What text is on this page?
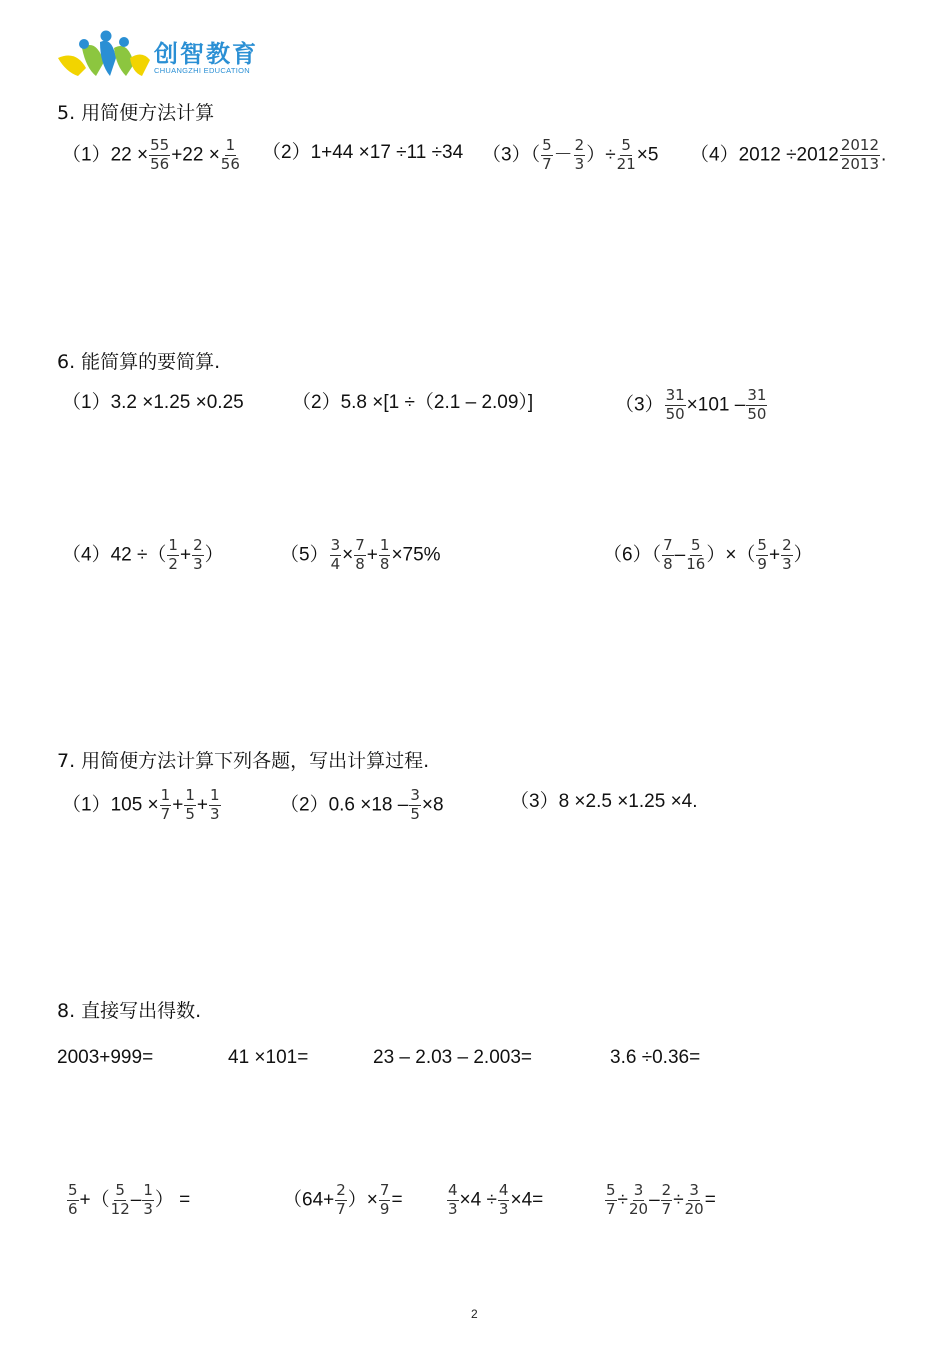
创智教育
CHUANGZHI EDUCATION
5. 用简便方法计算
$(1)22 \times \frac{55}{56} +22 \times \frac{1}{56} (2)1+44 \times 17 \div 11 \div 34$ $(3)( \frac{5}{7} - \frac{2}{3}$ ）÷ $\frac{5}{21} \times 5$ $(4)2012 \div 2012 \frac{2012}{2013}$ .
6. 能简算的要简算.
（1）3.2 ×1.25 ×0.25	（2）5.8 ×[1 ÷（2.1 – 2.09）]	$(3) \frac{31}{50} \times 101 - \frac{31}{50}$
（4）42 ÷（ $\frac{1}{2} + \frac{2}{3}$ ）	$(5) \frac{3}{4} \times \frac{7}{8} + \frac{1}{8} \times 75\%$	$(6)( \frac{7}{8} - \frac{5}{16}$ ）×（ $\frac{5}{9} + \frac{2}{3}$ ）
7. 用简便方法计算下列各题，写出计算过程.
$(1)105 \times \frac{1}{7} + \frac{1}{5} + \frac{1}{3}$	$(2)0.6 \times 18 - \frac{3}{5} \times 8$	（3）8 ×2.5 ×1.25 ×4.
8. 直接写出得数.
2003+999=	41 ×101=	23 – 2.03 – 2.003=	3.6 ÷0.36=
$\frac{5}{6}$ +（ $\frac{5}{12} - \frac{1}{3}$ ） =	（$64+ \frac{2}{7}$ ）× $\frac{7}{9}$ =	$\frac{4}{3} \times 4 \div \frac{4}{3} \times 4=$	$\frac{5}{7} \div \frac{3}{20} - \frac{2}{7} \div \frac{3}{20}$ =
2
